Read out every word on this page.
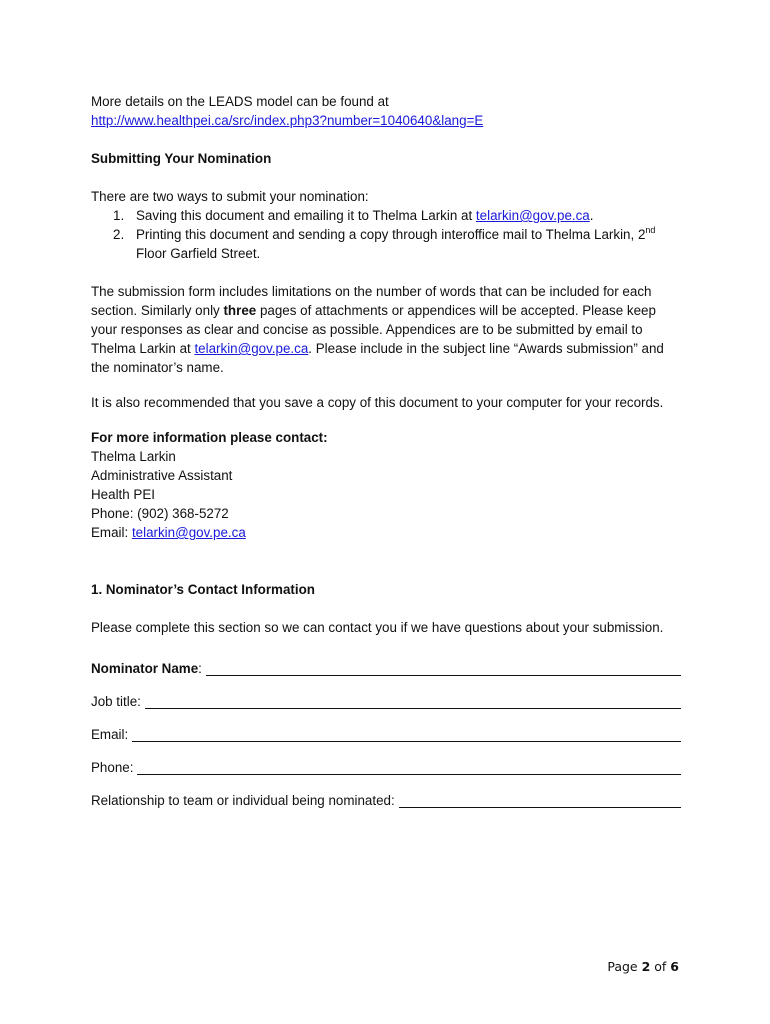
More details on the LEADS model can be found at
http://www.healthpei.ca/src/index.php3?number=1040640&lang=E

Submitting Your Nomination

There are two ways to submit your nomination:

1. Saving this document and emailing it to Thelma Larkin at telarkin@gov.pe.ca.
2. Printing this document and sending a copy through interoffice mail to Thelma Larkin, 2nd
Floor Garfield Street.

The submission form includes limitations on the number of words that can be included for each section. Similarly only three pages of attachments or appendices will be accepted. Please keep your responses as clear and concise as possible. Appendices are to be submitted by email to Thelma Larkin at telarkin@gov.pe.ca. Please include in the subject line “Awards submission” and the nominator’s name.

It is also recommended that you save a copy of this document to your computer for your records.

For more information please contact:

Thelma Larkin

Administrative Assistant

Health PEI

Phone: (902) 368-5272

Email: telarkin@gov.pe.ca

1. Nominator’s Contact Information

Please complete this section so we can contact you if we have questions about your submission.

Nominator Name:
Job title:
Email:
Phone:
Relationship to team or individual being nominated:
Page 2 of 6
